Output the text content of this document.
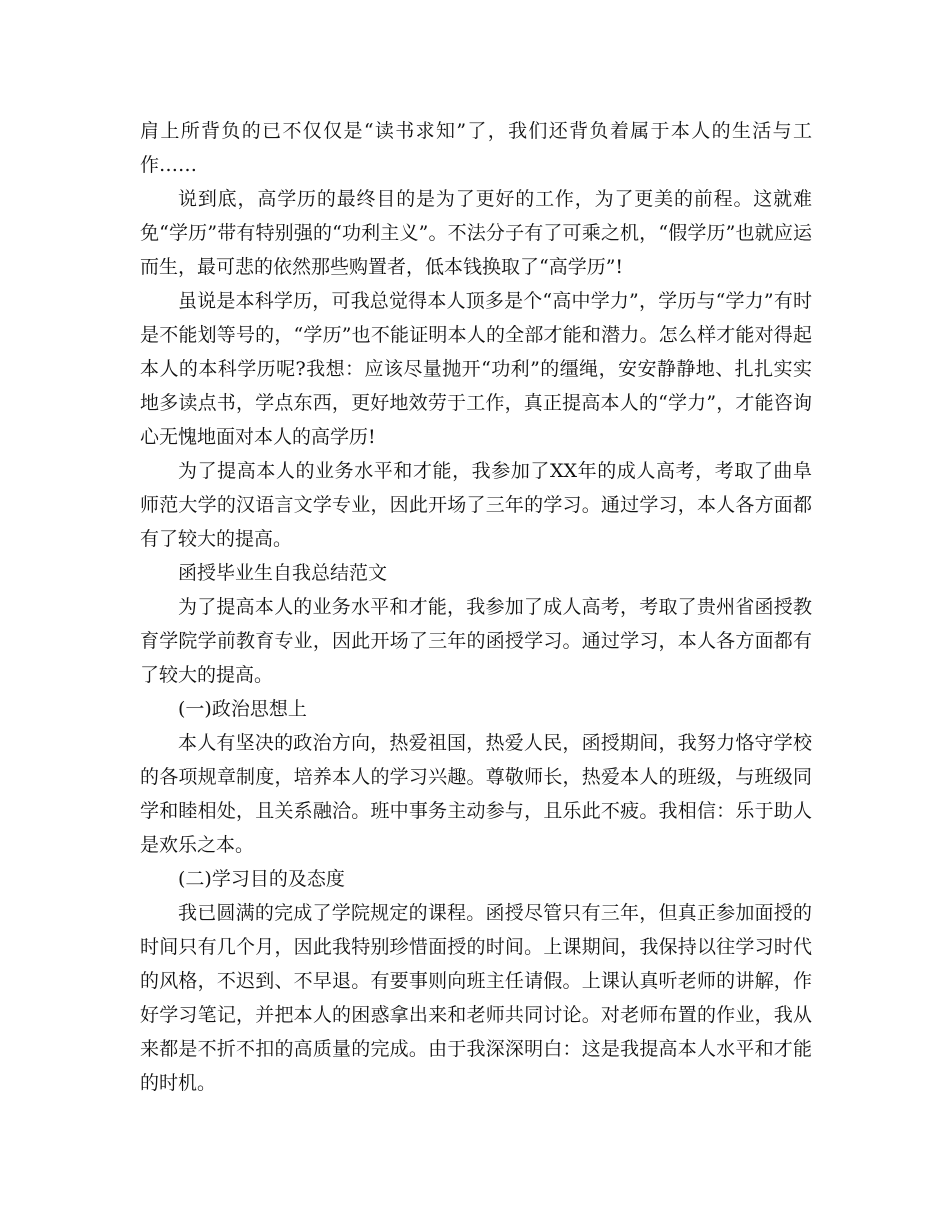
肩上所背负的已不仅仅是“读书求知”了，我们还背负着属于本人的生活与工作……

说到底，高学历的最终目的是为了更好的工作，为了更美的前程。这就难免“学历”带有特别强的“功利主义”。不法分子有了可乘之机，“假学历”也就应运而生，最可悲的依然那些购置者，低本钱换取了“高学历”!

虽说是本科学历，可我总觉得本人顶多是个“高中学力”，学历与“学力”有时是不能划等号的，“学历”也不能证明本人的全部才能和潜力。怎么样才能对得起本人的本科学历呢?我想：应该尽量抛开“功利”的缰绳，安安静静地、扎扎实实地多读点书，学点东西，更好地效劳于工作，真正提高本人的“学力”，才能咨询心无愧地面对本人的高学历!

为了提高本人的业务水平和才能，我参加了XX年的成人高考，考取了曲阜师范大学的汉语言文学专业，因此开场了三年的学习。通过学习，本人各方面都有了较大的提高。

函授毕业生自我总结范文

为了提高本人的业务水平和才能，我参加了成人高考，考取了贵州省函授教育学院学前教育专业，因此开场了三年的函授学习。通过学习，本人各方面都有了较大的提高。

(一)政治思想上

本人有坚决的政治方向，热爱祖国，热爱人民，函授期间，我努力恪守学校的各项规章制度，培养本人的学习兴趣。尊敬师长，热爱本人的班级，与班级同学和睦相处，且关系融洽。班中事务主动参与，且乐此不疲。我相信：乐于助人是欢乐之本。

(二)学习目的及态度

我已圆满的完成了学院规定的课程。函授尽管只有三年，但真正参加面授的时间只有几个月，因此我特别珍惜面授的时间。上课期间，我保持以往学习时代的风格，不迟到、不早退。有要事则向班主任请假。上课认真听老师的讲解，作好学习笔记，并把本人的困惑拿出来和老师共同讨论。对老师布置的作业，我从来都是不折不扣的高质量的完成。由于我深深明白：这是我提高本人水平和才能的时机。
